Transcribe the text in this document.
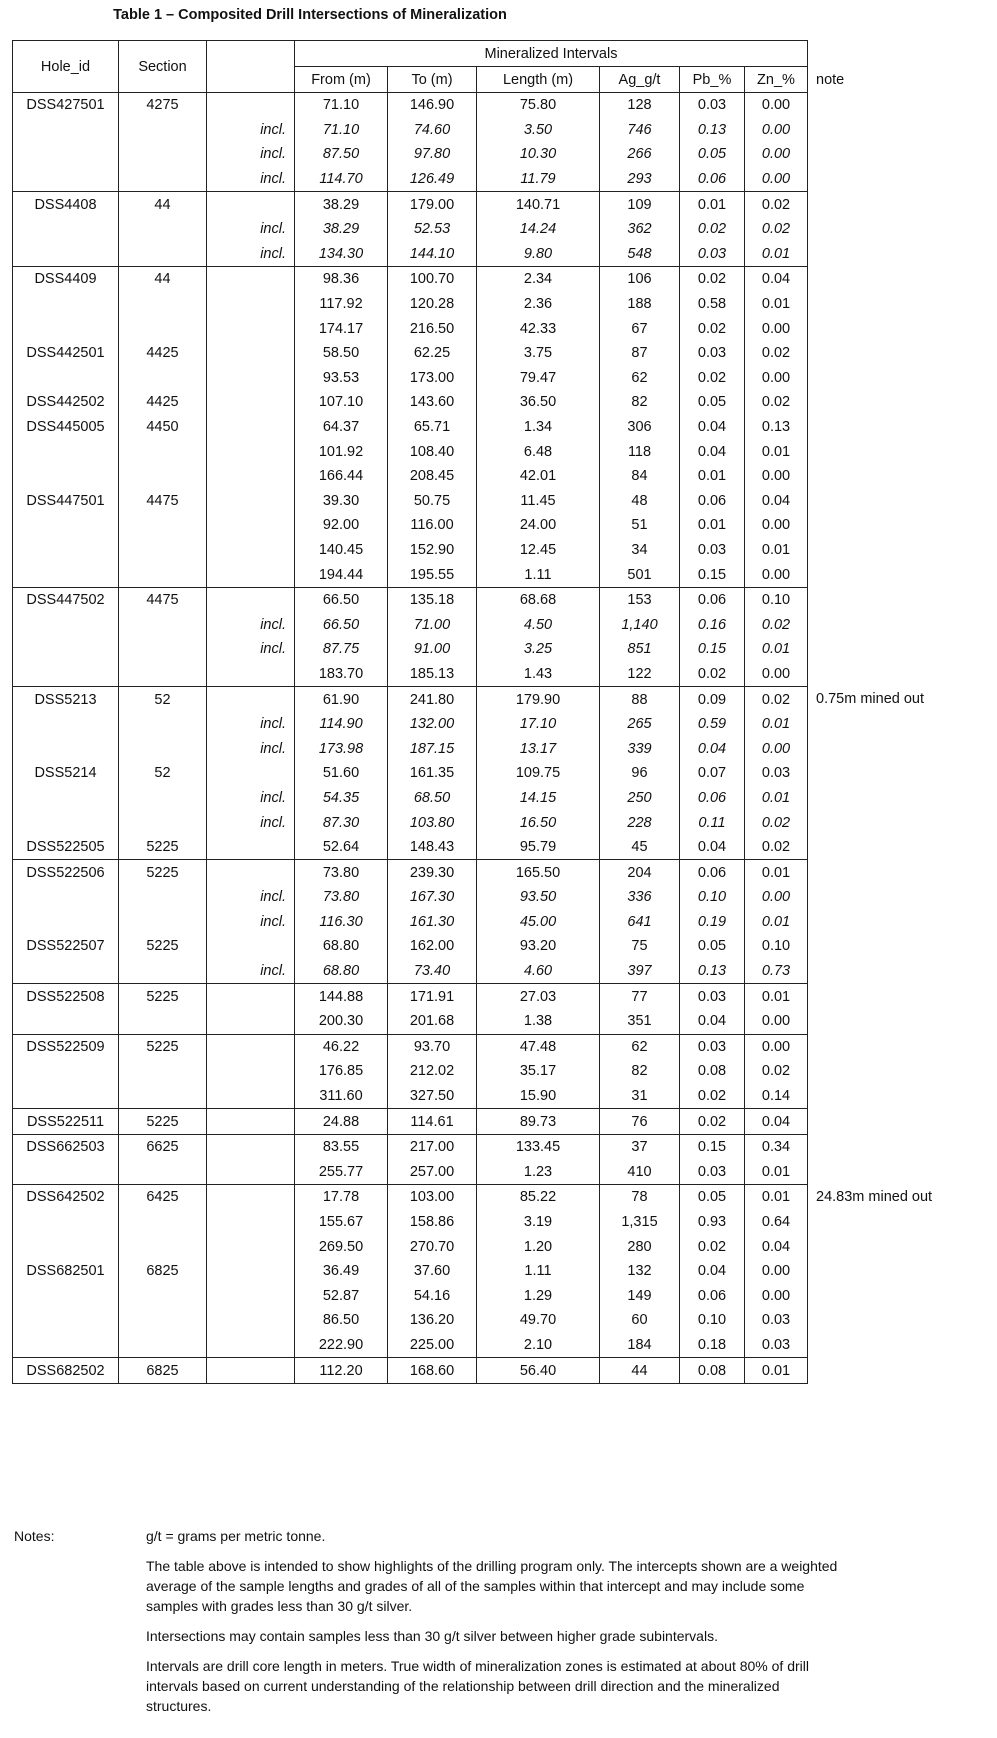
Table 1 – Composited Drill Intersections of Mineralization
Hole_id	Section		Mineralized Intervals						
			From (m)	To (m)	Length (m)	Ag_g/t	Pb_%	Zn_%	note
DSS427501	4275		71.10	146.90	75.80	128	0.03	0.00	
		incl.	71.10	74.60	3.50	746	0.13	0.00	
		incl.	87.50	97.80	10.30	266	0.05	0.00	
		incl.	114.70	126.49	11.79	293	0.06	0.00	
DSS4408	44		38.29	179.00	140.71	109	0.01	0.02	
		incl.	38.29	52.53	14.24	362	0.02	0.02	
		incl.	134.30	144.10	9.80	548	0.03	0.01	
DSS4409	44		98.36	100.70	2.34	106	0.02	0.04	
			117.92	120.28	2.36	188	0.58	0.01	
			174.17	216.50	42.33	67	0.02	0.00	
DSS442501	4425		58.50	62.25	3.75	87	0.03	0.02	
			93.53	173.00	79.47	62	0.02	0.00	
DSS442502	4425		107.10	143.60	36.50	82	0.05	0.02	
DSS445005	4450		64.37	65.71	1.34	306	0.04	0.13	
			101.92	108.40	6.48	118	0.04	0.01	
			166.44	208.45	42.01	84	0.01	0.00	
DSS447501	4475		39.30	50.75	11.45	48	0.06	0.04	
			92.00	116.00	24.00	51	0.01	0.00	
			140.45	152.90	12.45	34	0.03	0.01	
			194.44	195.55	1.11	501	0.15	0.00	
DSS447502	4475		66.50	135.18	68.68	153	0.06	0.10	
		incl.	66.50	71.00	4.50	1,140	0.16	0.02	
		incl.	87.75	91.00	3.25	851	0.15	0.01	
			183.70	185.13	1.43	122	0.02	0.00	
DSS5213	52		61.90	241.80	179.90	88	0.09	0.02	0.75m mined out
		incl.	114.90	132.00	17.10	265	0.59	0.01	
		incl.	173.98	187.15	13.17	339	0.04	0.00	
DSS5214	52		51.60	161.35	109.75	96	0.07	0.03	
		incl.	54.35	68.50	14.15	250	0.06	0.01	
		incl.	87.30	103.80	16.50	228	0.11	0.02	
DSS522505	5225		52.64	148.43	95.79	45	0.04	0.02	
DSS522506	5225		73.80	239.30	165.50	204	0.06	0.01	
		incl.	73.80	167.30	93.50	336	0.10	0.00	
		incl.	116.30	161.30	45.00	641	0.19	0.01	
DSS522507	5225		68.80	162.00	93.20	75	0.05	0.10	
		incl.	68.80	73.40	4.60	397	0.13	0.73	
DSS522508	5225		144.88	171.91	27.03	77	0.03	0.01	
			200.30	201.68	1.38	351	0.04	0.00	
DSS522509	5225		46.22	93.70	47.48	62	0.03	0.00	
			176.85	212.02	35.17	82	0.08	0.02	
			311.60	327.50	15.90	31	0.02	0.14	
DSS522511	5225		24.88	114.61	89.73	76	0.02	0.04	
DSS662503	6625		83.55	217.00	133.45	37	0.15	0.34	
			255.77	257.00	1.23	410	0.03	0.01	
DSS642502	6425		17.78	103.00	85.22	78	0.05	0.01	24.83m mined out
			155.67	158.86	3.19	1,315	0.93	0.64	
			269.50	270.70	1.20	280	0.02	0.04	
DSS682501	6825		36.49	37.60	1.11	132	0.04	0.00	
			52.87	54.16	1.29	149	0.06	0.00	
			86.50	136.20	49.70	60	0.10	0.03	
			222.90	225.00	2.10	184	0.18	0.03	
DSS682502	6825		112.20	168.60	56.40	44	0.08	0.01	
Notes:	g/t = grams per metric tonne.

The table above is intended to show highlights of the drilling program only. The intercepts shown are a weighted average of the sample lengths and grades of all of the samples within that intercept and may include some samples with grades less than 30 g/t silver.

Intersections may contain samples less than 30 g/t silver between higher grade subintervals.

Intervals are drill core length in meters. True width of mineralization zones is estimated at about 80% of drill intervals based on current understanding of the relationship between drill direction and the mineralized structures.
